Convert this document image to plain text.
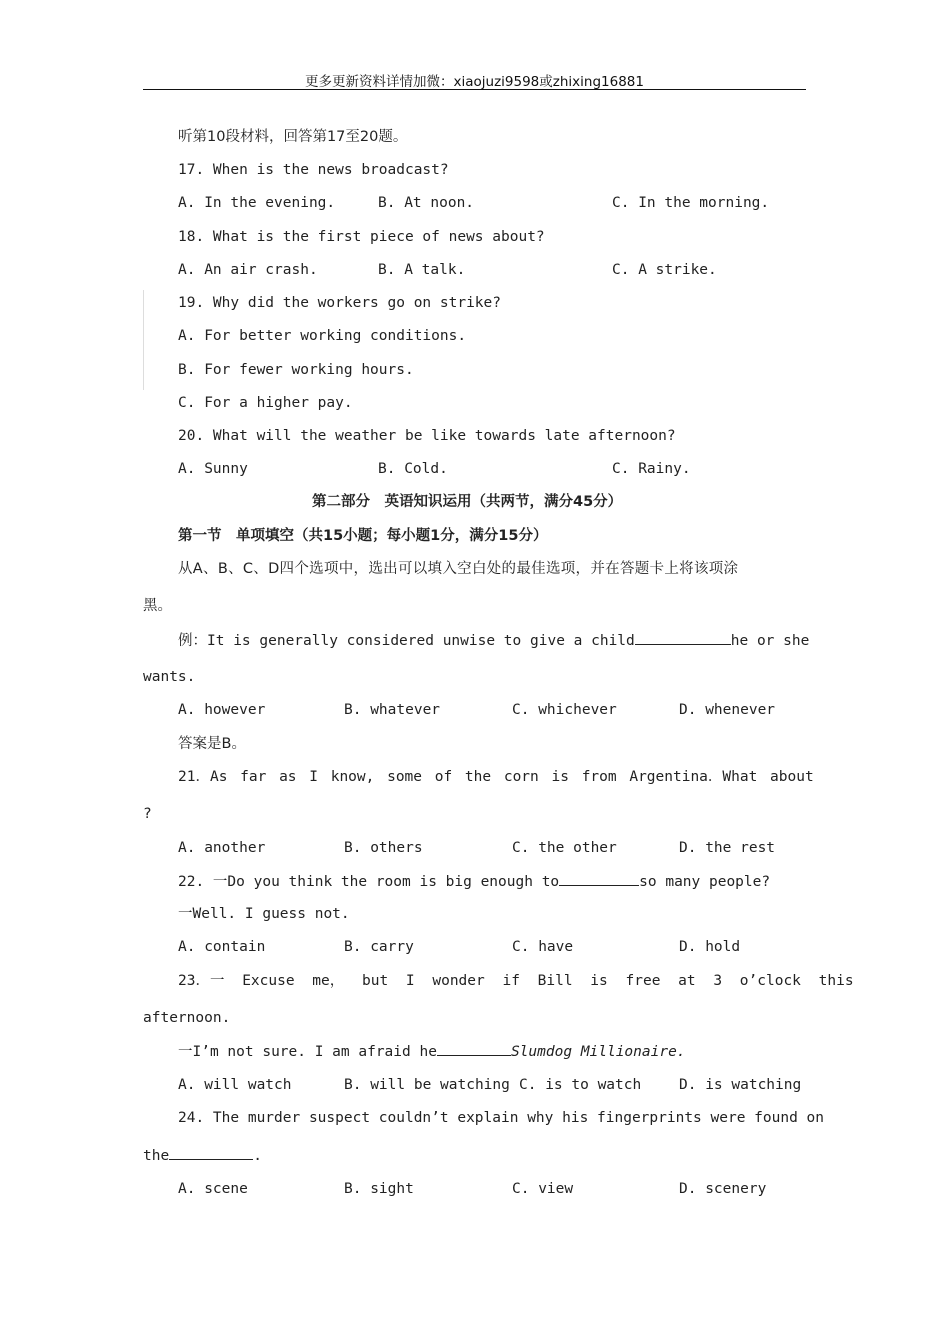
更多更新资料详情加微：xiaojuzi9598或zhixing16881
听第10段材料，回答第17至20题。
17. When is the news broadcast?
A. In the evening.	B. At noon.	C. In the morning.
18. What is the first piece of news about?
A. An air crash.	B. A talk.	C. A strike.
19. Why did the workers go on strike?
A. For better working conditions.
B. For fewer working hours.
C. For a higher pay.
20. What will the weather be like towards late afternoon?
A. Sunny	B. Cold.	C. Rainy.
第二部分　英语知识运用（共两节，满分45分）
第一节　单项填空（共15小题；每小题1分，满分15分）
从A、B、C、D四个选项中，选出可以填入空白处的最佳选项，并在答题卡上将该项涂
黑。
例：It is generally considered unwise to give a child	he or she
wants.
A. however	B. whatever	C. whichever	D. whenever
答案是B。
21．As far as I know, some of the corn is from Argentina．What about
?
A. another	B. others	C. the other	D. the rest
22. 一Do you think the room is big enough to	so many people?
一Well. I guess not.
A. contain	B. carry	C. have	D. hold
23．一 Excuse me， but I wonder if Bill is free at 3 o’clock this
afternoon.
一I’m not sure. I am afraid he	Slumdog Millionaire.
A. will watch	B. will be watching C. is to watch	D. is watching
24. The murder suspect couldn’t explain why his fingerprints were found on
the	.
A. scene	B. sight	C. view	D. scenery
